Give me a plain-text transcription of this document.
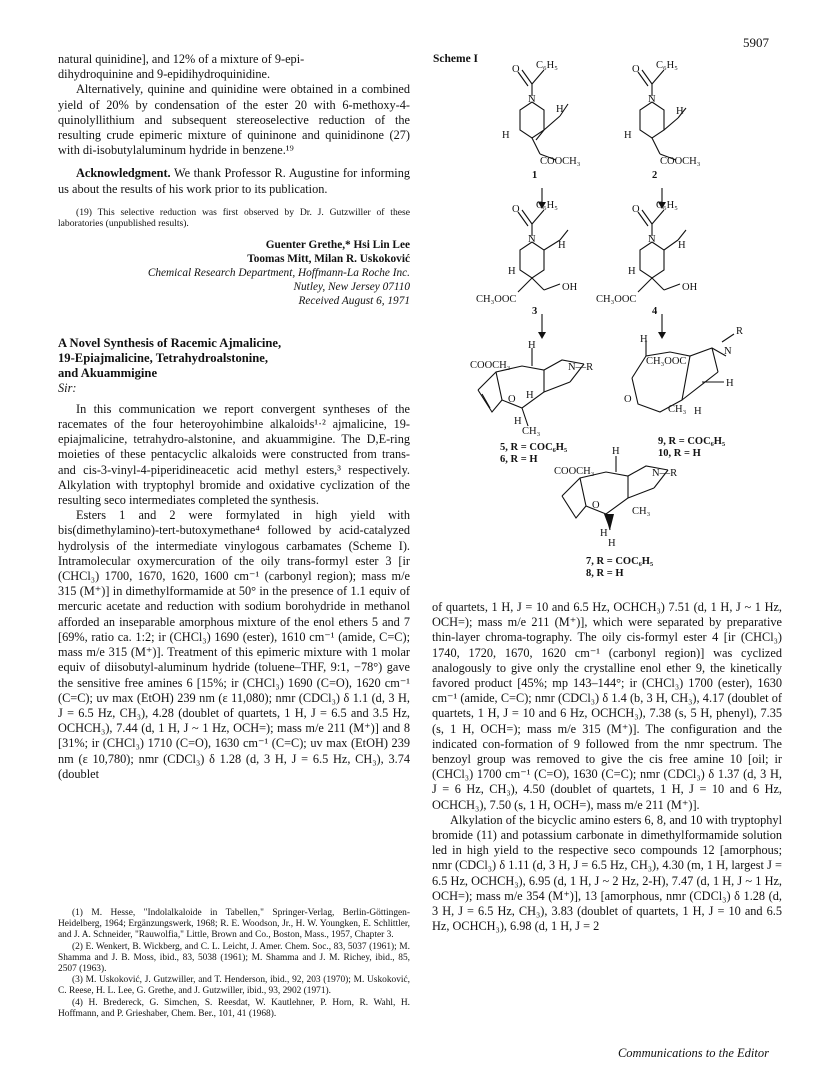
5907

natural quinidine], and 12% of a mixture of 9-epi-

dihydroquinine and 9-epidihydroquinidine.

Alternatively, quinine and quinidine were obtained in a combined yield of 20% by condensation of the ester 20 with 6-methoxy-4-quinolyllithium and subsequent stereoselective reduction of the resulting crude epimeric mixture of quininone and quinidinone (27) with di-isobutylaluminum hydride in benzene.¹⁹

Acknowledgment. We thank Professor R. Augustine for informing us about the results of his work prior to its publication.

(19) This selective reduction was first observed by Dr. J. Gutzwiller of these laboratories (unpublished results).

Guenter Grethe,* Hsi Lin Lee
Toomas Mitt, Milan R. Uskoković
Chemical Research Department, Hoffmann-La Roche Inc.
Nutley, New Jersey 07110
Received August 6, 1971
A Novel Synthesis of Racemic Ajmalicine,
19-Epiajmalicine, Tetrahydroalstonine,
and Akuammigine

Sir:

In this communication we report convergent syntheses of the racemates of the four heteroyohimbine alkaloids¹·² ajmalicine, 19-epiajmalicine, tetrahydro-alstonine, and akuammigine. The D,E-ring moieties of these pentacyclic alkaloids were constructed from trans- and cis-3-vinyl-4-piperidineacetic acid methyl esters,³ respectively. Alkylation with tryptophyl bromide and oxidative cyclization of the resulting seco intermediates completed the synthesis.

Esters 1 and 2 were formylated in high yield with bis(dimethylamino)-tert-butoxymethane⁴ followed by acid-catalyzed hydrolysis of the intermediate vinylogous carbamates (Scheme I). Intramolecular oxymercuration of the oily trans-formyl ester 3 [ir (CHCl₃) 1700, 1670, 1620, 1600 cm⁻¹ (carbonyl region); mass m/e 315 (M⁺)] in dimethylformamide at 50° in the presence of 1.1 equiv of mercuric acetate and reduction with sodium borohydride in methanol afforded an inseparable amorphous mixture of the enol ethers 5 and 7 [69%, ratio ca. 1:2; ir (CHCl₃) 1690 (ester), 1610 cm⁻¹ (amide, C=C); mass m/e 315 (M⁺)]. Treatment of this epimeric mixture with 1 molar equiv of diisobutyl-aluminum hydride (toluene–THF, 9:1, −78°) gave the sensitive free amines 6 [15%; ir (CHCl₃) 1690 (C=O), 1620 cm⁻¹ (C=C); uv max (EtOH) 239 nm (ε 11,080); nmr (CDCl₃) δ 1.1 (d, 3 H, J = 6.5 Hz, CH₃), 4.28 (doublet of quartets, 1 H, J = 6.5 and 3.5 Hz, OCHCH₃), 7.44 (d, 1 H, J ~ 1 Hz, OCH=); mass m/e 211 (M⁺)] and 8 [31%; ir (CHCl₃) 1710 (C=O), 1630 cm⁻¹ (C=C); uv max (EtOH) 239 nm (ε 10,780); nmr (CDCl₃) δ 1.28 (d, 3 H, J = 6.5 Hz, CH₃), 3.74 (doublet

(1) M. Hesse, "Indolalkaloide in Tabellen," Springer-Verlag, Berlin-Göttingen-Heidelberg, 1964; Ergänzungswerk, 1968; R. E. Woodson, Jr., H. W. Youngken, E. Schlittler, and J. A. Schneider, "Rauwolfia," Little, Brown and Co., Boston, Mass., 1957, Chapter 3.

(2) E. Wenkert, B. Wickberg, and C. L. Leicht, J. Amer. Chem. Soc., 83, 5037 (1961); M. Shamma and J. B. Moss, ibid., 83, 5038 (1961); M. Shamma and J. M. Richey, ibid., 85, 2507 (1963).

(3) M. Uskoković, J. Gutzwiller, and T. Henderson, ibid., 92, 203 (1970); M. Uskoković, C. Reese, H. L. Lee, G. Grethe, and J. Gutzwiller, ibid., 93, 2902 (1971).

(4) H. Bredereck, G. Simchen, S. Reesdat, W. Kautlehner, P. Horn, R. Wahl, H. Hoffmann, and P. Grieshaber, Chem. Ber., 101, 41 (1968).

Scheme I
O C₆H₅
N
H
H
COOCH₃
1
O C₆H₅
N
H
H
COOCH₃
2
O C₆H₅
N
H
H
OH
CH₃OOC
3
O C₆H₅
N
H
H
OH
CH₃OOC
4
H
COOCH₃	N—R
O H
H
CH₃
5, R = COC₆H₅
6, R = H
H
CH₃OOC
N
R
H
O
CH₃ H
9, R = COC₆H₅
10, R = H
H
COOCH₃	N—R
O
CH₃
H
H
7, R = COC₆H₅
8, R = H

of quartets, 1 H, J = 10 and 6.5 Hz, OCHCH₃) 7.51 (d, 1 H, J ~ 1 Hz, OCH=); mass m/e 211 (M⁺)], which were separated by preparative thin-layer chroma-tography. The oily cis-formyl ester 4 [ir (CHCl₃) 1740, 1720, 1670, 1620 cm⁻¹ (carbonyl region)] was cyclized analogously to give only the crystalline enol ether 9, the kinetically favored product [45%; mp 143–144°; ir (CHCl₃) 1700 (ester), 1630 cm⁻¹ (amide, C=C); nmr (CDCl₃) δ 1.4 (b, 3 H, CH₃), 4.17 (doublet of quartets, 1 H, J = 10 and 6 Hz, OCHCH₃), 7.38 (s, 5 H, phenyl), 7.35 (s, 1 H, OCH=); mass m/e 315 (M⁺)]. The configuration and the indicated con-formation of 9 followed from the nmr spectrum. The benzoyl group was removed to give the cis free amine 10 [oil; ir (CHCl₃) 1700 cm⁻¹ (C=O), 1630 (C=C); nmr (CDCl₃) δ 1.37 (d, 3 H, J = 6 Hz, CH₃), 4.50 (doublet of quartets, 1 H, J = 10 and 6 Hz, OCHCH₃), 7.50 (s, 1 H, OCH=), mass m/e 211 (M⁺)].

Alkylation of the bicyclic amino esters 6, 8, and 10 with tryptophyl bromide (11) and potassium carbonate in dimethylformamide solution led in high yield to the respective seco compounds 12 [amorphous; nmr (CDCl₃) δ 1.11 (d, 3 H, J = 6.5 Hz, CH₃), 4.30 (m, 1 H, largest J = 6.5 Hz, OCHCH₃), 6.95 (d, 1 H, J ~ 2 Hz, 2-H), 7.47 (d, 1 H, J ~ 1 Hz, OCH=); mass m/e 354 (M⁺)], 13 [amorphous, nmr (CDCl₃) δ 1.28 (d, 3 H, J = 6.5 Hz, CH₃), 3.83 (doublet of quartets, 1 H, J = 10 and 6.5 Hz, OCHCH₃), 6.98 (d, 1 H, J = 2

Communications to the Editor
